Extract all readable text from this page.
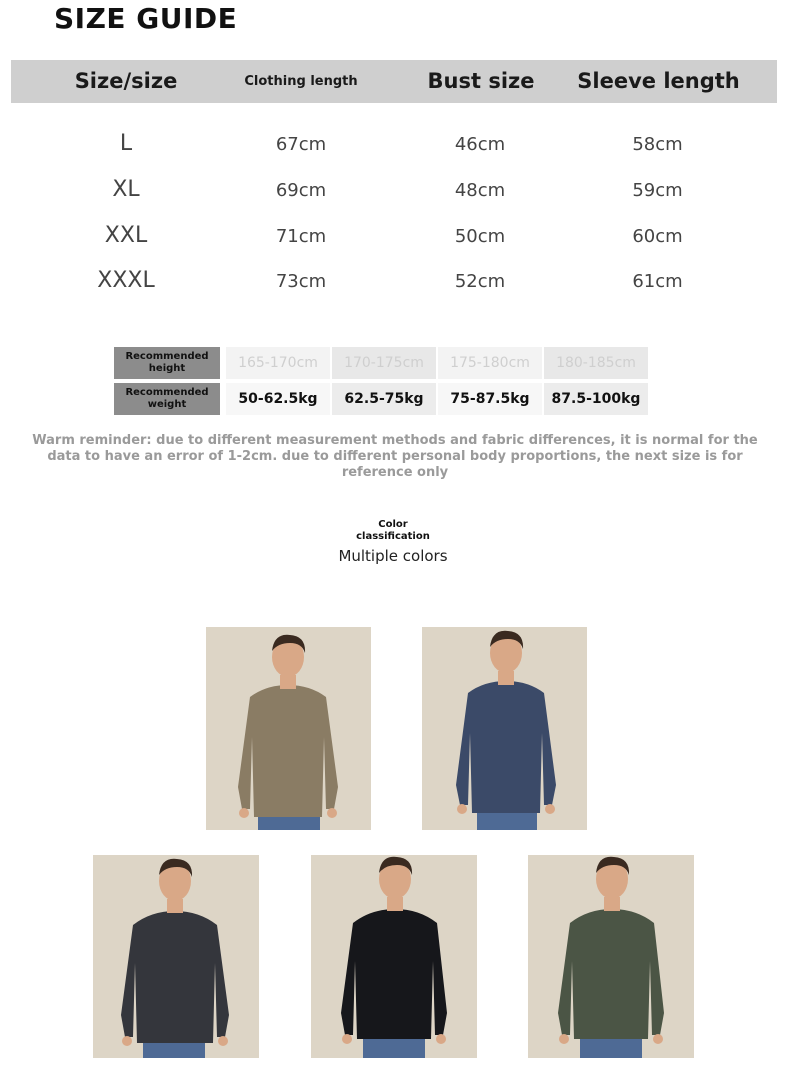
SIZE GUIDE
Size/size	Clothing length	Bust size	Sleeve length
L	67cm	46cm	58cm
XL	69cm	48cm	59cm
XXL	71cm	50cm	60cm
XXXL	73cm	52cm	61cm
Recommended height	165-170cm	170-175cm	175-180cm	180-185cm
Recommended weight	50-62.5kg	62.5-75kg	75-87.5kg	87.5-100kg
Warm reminder: due to different measurement methods and fabric differences, it is normal for the data to have an error of 1-2cm. due to different personal body proportions, the next size is for reference only
Color classification
Multiple colors
